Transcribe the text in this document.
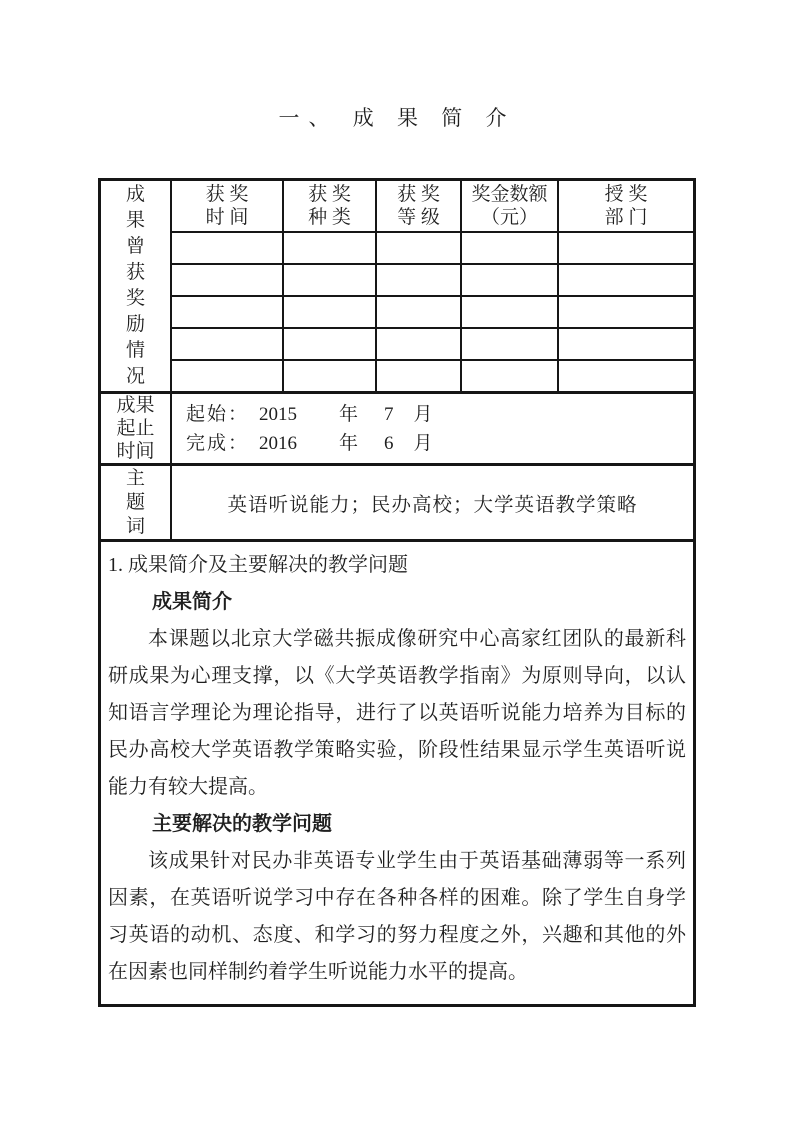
一、 成 果 简 介
成果曾获奖励情况
获 奖
时 间
获 奖
种 类
获 奖
等 级
奖金数额
（元）
授 奖
部 门
成果起止时间
起始： 2015 年 7 月
完成： 2016 年 6 月
主题词
英语听说能力；民办高校；大学英语教学策略

1. 成果简介及主要解决的教学问题

成果简介

本课题以北京大学磁共振成像研究中心高家红团队的最新科研成果为心理支撑，以《大学英语教学指南》为原则导向，以认知语言学理论为理论指导，进行了以英语听说能力培养为目标的民办高校大学英语教学策略实验，阶段性结果显示学生英语听说能力有较大提高。

主要解决的教学问题

该成果针对民办非英语专业学生由于英语基础薄弱等一系列因素，在英语听说学习中存在各种各样的困难。除了学生自身学习英语的动机、态度、和学习的努力程度之外，兴趣和其他的外在因素也同样制约着学生听说能力水平的提高。
